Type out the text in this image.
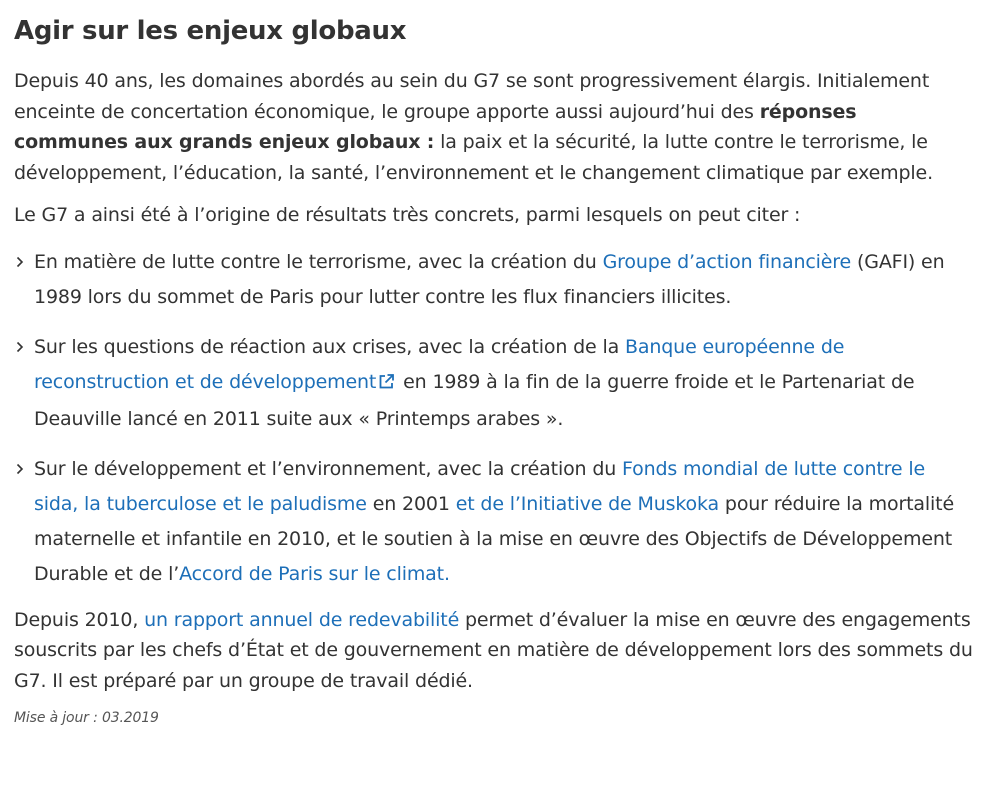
Agir sur les enjeux globaux

Depuis 40 ans, les domaines abordés au sein du G7 se sont progressivement élargis. Initialement enceinte de concertation économique, le groupe apporte aussi aujourd’hui des réponses communes aux grands enjeux globaux : la paix et la sécurité, la lutte contre le terrorisme, le développement, l’éducation, la santé, l’environnement et le changement climatique par exemple.

Le G7 a ainsi été à l’origine de résultats très concrets, parmi lesquels on peut citer :

En matière de lutte contre le terrorisme, avec la création du Groupe d’action financière (GAFI) en 1989 lors du sommet de Paris pour lutter contre les flux financiers illicites.
Sur les questions de réaction aux crises, avec la création de la Banque européenne de reconstruction et de développement en 1989 à la fin de la guerre froide et le Partenariat de Deauville lancé en 2011 suite aux « Printemps arabes ».
Sur le développement et l’environnement, avec la création du Fonds mondial de lutte contre le sida, la tuberculose et le paludisme en 2001 et de l’Initiative de Muskoka pour réduire la mortalité maternelle et infantile en 2010, et le soutien à la mise en œuvre des Objectifs de Développement Durable et de l’Accord de Paris sur le climat.

Depuis 2010, un rapport annuel de redevabilité permet d’évaluer la mise en œuvre des engagements souscrits par les chefs d’État et de gouvernement en matière de développement lors des sommets du G7. Il est préparé par un groupe de travail dédié.

Mise à jour : 03.2019
